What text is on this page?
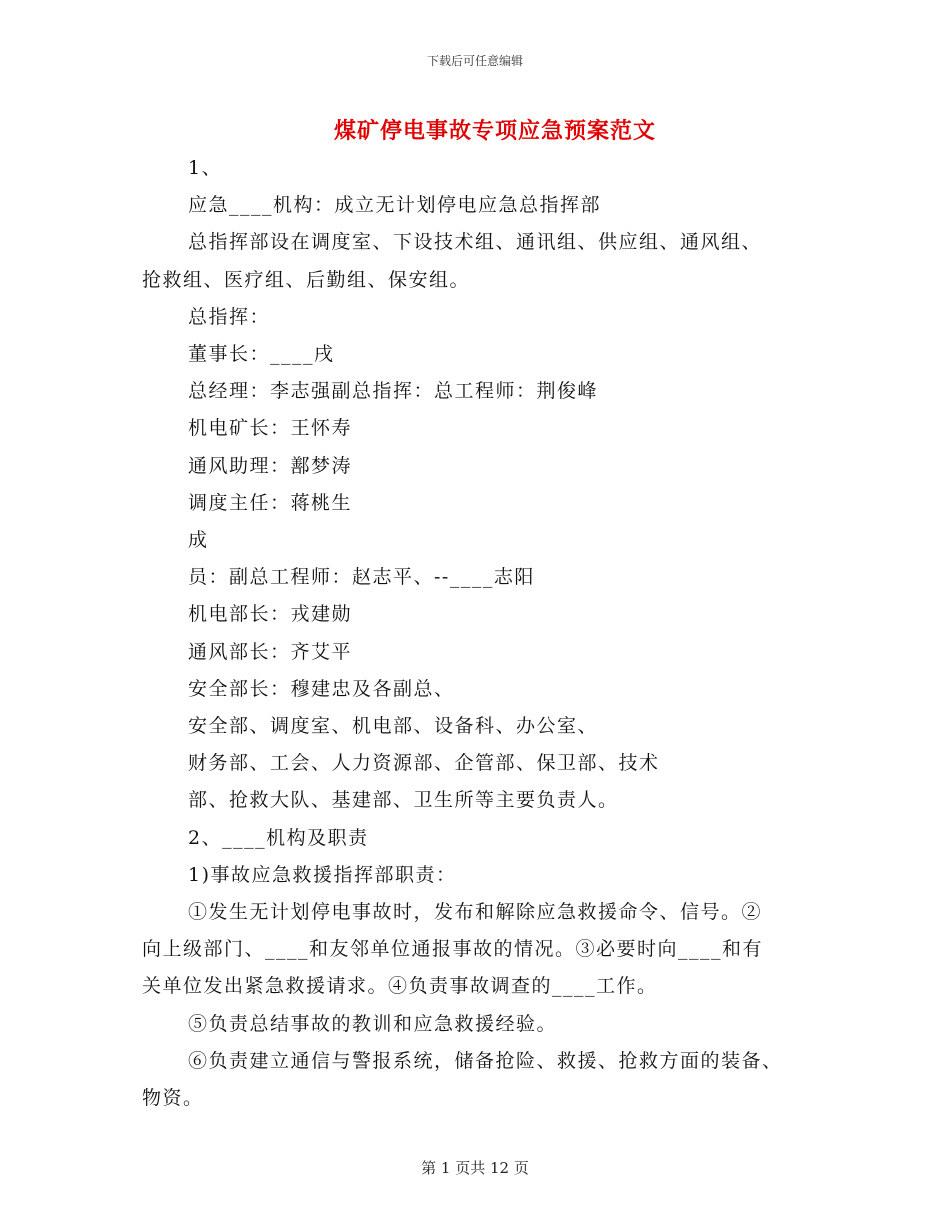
下载后可任意编辑
煤矿停电事故专项应急预案范文

1、

应急____机构：成立无计划停电应急总指挥部

总指挥部设在调度室、下设技术组、通讯组、供应组、通风组、

抢救组、医疗组、后勤组、保安组。

总指挥：

董事长：____戌

总经理：李志强副总指挥：总工程师：荆俊峰

机电矿长：王怀寿

通风助理：鄯梦涛

调度主任：蒋桃生

成

员：副总工程师：赵志平、--____志阳

机电部长：戎建勋

通风部长：齐艾平

安全部长：穆建忠及各副总、

安全部、调度室、机电部、设备科、办公室、

财务部、工会、人力资源部、企管部、保卫部、技术

部、抢救大队、基建部、卫生所等主要负责人。

2、____机构及职责

1)事故应急救援指挥部职责：

①发生无计划停电事故时，发布和解除应急救援命令、信号。②

向上级部门、____和友邻单位通报事故的情况。③必要时向____和有

关单位发出紧急救援请求。④负责事故调查的____工作。

⑤负责总结事故的教训和应急救援经验。

⑥负责建立通信与警报系统，储备抢险、救援、抢救方面的装备、

物资。

第 1 页共 12 页
